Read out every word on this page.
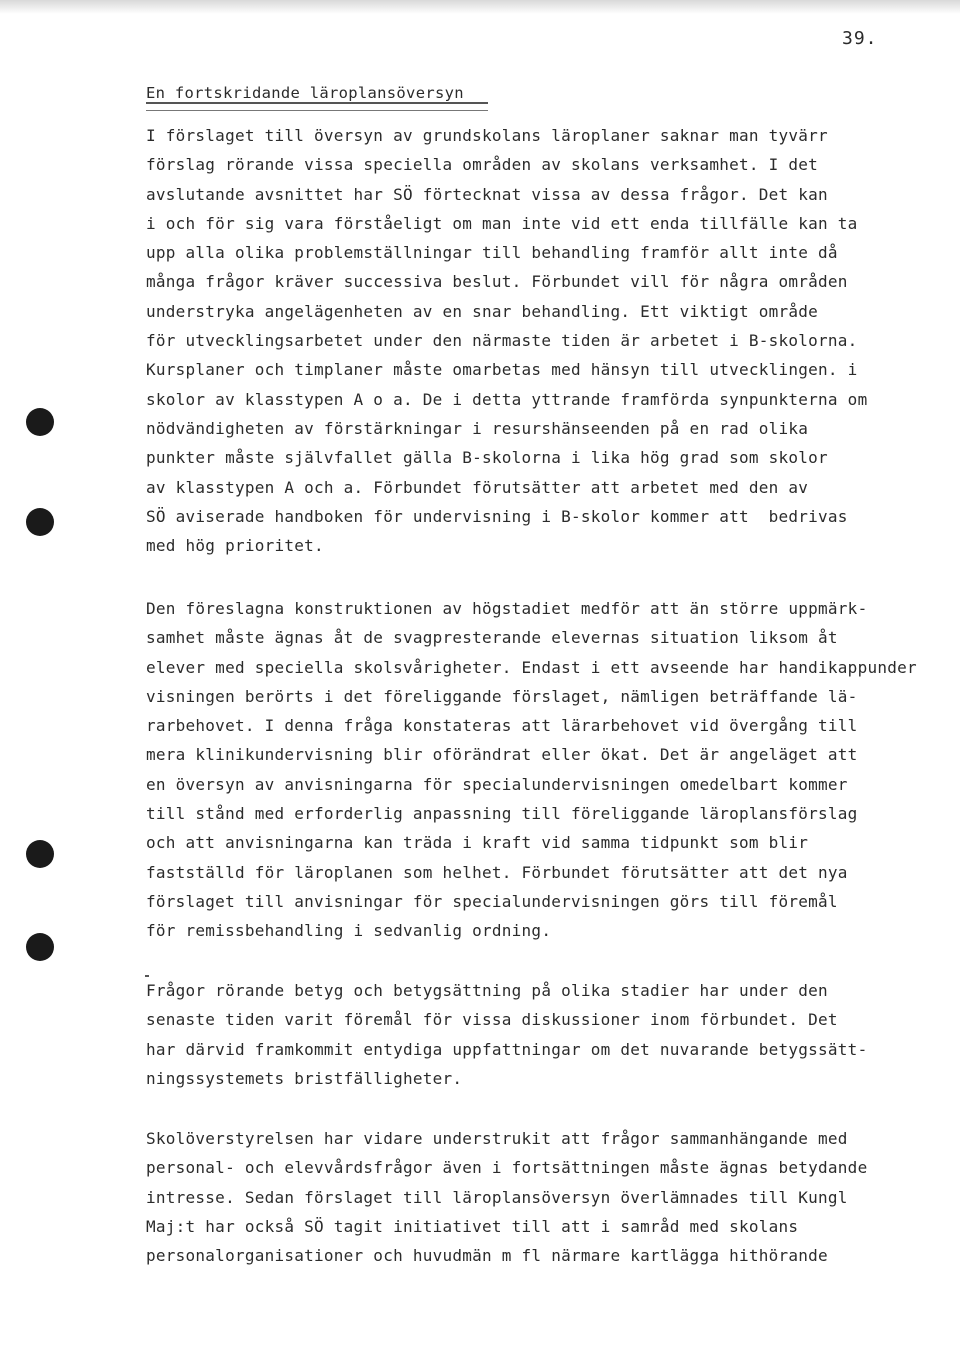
39.
En fortskridande läroplansöversyn
I förslaget till översyn av grundskolans läroplaner saknar man tyvärr
förslag rörande vissa speciella områden av skolans verksamhet. I det
avslutande avsnittet har SÖ förtecknat vissa av dessa frågor. Det kan
i och för sig vara förståeligt om man inte vid ett enda tillfälle kan ta
upp alla olika problemställningar till behandling framför allt inte då
många frågor kräver successiva beslut. Förbundet vill för några områden
understryka angelägenheten av en snar behandling. Ett viktigt område
för utvecklingsarbetet under den närmaste tiden är arbetet i B-skolorna.
Kursplaner och timplaner måste omarbetas med hänsyn till utvecklingen. i
skolor av klasstypen A o a. De i detta yttrande framförda synpunkterna om
nödvändigheten av förstärkningar i resurshänseenden på en rad olika
punkter måste självfallet gälla B-skolorna i lika hög grad som skolor
av klasstypen A och a. Förbundet förutsätter att arbetet med den av
SÖ aviserade handboken för undervisning i B-skolor kommer att  bedrivas
med hög prioritet.
Den föreslagna konstruktionen av högstadiet medför att än större uppmärk-
samhet måste ägnas åt de svagpresterande elevernas situation liksom åt
elever med speciella skolsvårigheter. Endast i ett avseende har handikappunder
visningen berörts i det föreliggande förslaget, nämligen beträffande lä-
rarbehovet. I denna fråga konstateras att lärarbehovet vid övergång till
mera klinikundervisning blir oförändrat eller ökat. Det är angeläget att
en översyn av anvisningarna för specialundervisningen omedelbart kommer
till stånd med erforderlig anpassning till föreliggande läroplansförslag
och att anvisningarna kan träda i kraft vid samma tidpunkt som blir
fastställd för läroplanen som helhet. Förbundet förutsätter att det nya
förslaget till anvisningar för specialundervisningen görs till föremål
för remissbehandling i sedvanlig ordning.
Frågor rörande betyg och betygsättning på olika stadier har under den
senaste tiden varit föremål för vissa diskussioner inom förbundet. Det
har därvid framkommit entydiga uppfattningar om det nuvarande betygssätt-
ningssystemets bristfälligheter.
Skolöverstyrelsen har vidare understrukit att frågor sammanhängande med
personal- och elevvårdsfrågor även i fortsättningen måste ägnas betydande
intresse. Sedan förslaget till läroplansöversyn överlämnades till Kungl
Maj:t har också SÖ tagit initiativet till att i samråd med skolans
personalorganisationer och huvudmän m fl närmare kartlägga hithörande
